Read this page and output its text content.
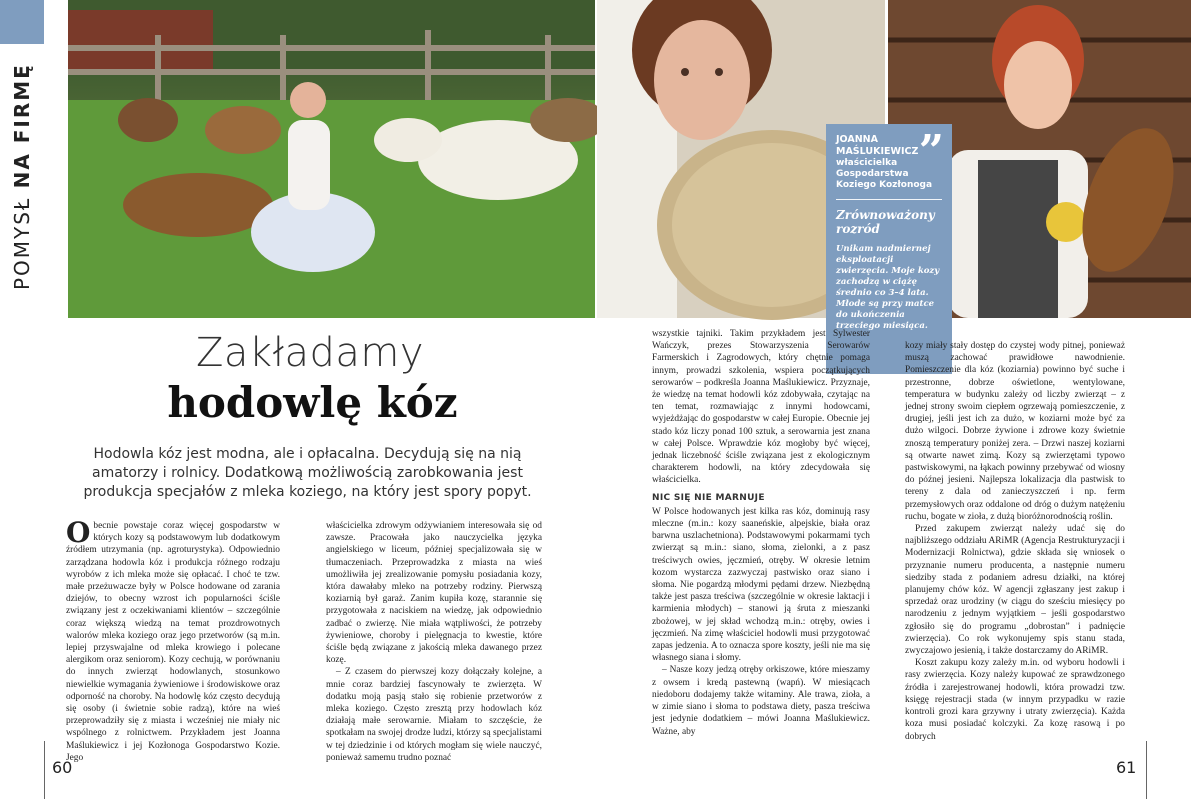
POMYSŁ NA FIRMĘ	”
JOANNA MAŚLUKIEWICZ
właścicielka Gospodarstwa Koziego Kozłonoga
Zrównoważony rozród
Unikam nadmiernej eksploatacji zwierzęcia. Moje kozy zachodzą w ciążę średnio co 3–4 lata. Młode są przy matce do ukończenia trzeciego miesiąca.
Zakładamy
hodowlę kóz
Hodowla kóz jest modna, ale i opłacalna. Decydują się na nią amatorzy i rolnicy. Dodatkową możliwością zarobkowania jest produkcja specjałów z mleka koziego, na który jest spory popyt.

Obecnie powstaje coraz więcej gospodarstw w których kozy są podstawowym lub dodatkowym źródłem utrzymania (np. agroturystyka). Odpowiednio zarządzana hodowla kóz i produkcja różnego rodzaju wyrobów z ich mleka może się opłacać. I choć te tzw. małe przeżuwacze były w Polsce hodowane od zarania dziejów, to obecny wzrost ich popularności ściśle związany jest z oczekiwaniami klientów – szczególnie coraz większą wiedzą na temat prozdrowotnych walorów mleka koziego oraz jego przetworów (są m.in. lepiej przyswajalne od mleka krowiego i polecane alergikom oraz seniorom). Kozy cechują, w porównaniu do innych zwierząt hodowlanych, stosunkowo niewielkie wymagania żywieniowe i środowiskowe oraz odporność na choroby. Na hodowlę kóz często decydują się osoby (i świetnie sobie radzą), które na wieś przeprowadziły się z miasta i wcześniej nie miały nic wspólnego z rolnictwem. Przykładem jest Joanna Maślukiewicz i jej Kozłonoga Gospodarstwo Kozie. Jego

właścicielka zdrowym odżywianiem interesowała się od zawsze. Pracowała jako nauczycielka języka angielskiego w liceum, później specjalizowała się w tłumaczeniach. Przeprowadzka z miasta na wieś umożliwiła jej zrealizowanie pomysłu posiadania kozy, która dawałaby mleko na potrzeby rodziny. Pierwszą koziarnią był garaż. Zanim kupiła kozę, starannie się przygotowała z naciskiem na wiedzę, jak odpowiednio zadbać o zwierzę. Nie miała wątpliwości, że potrzeby żywieniowe, choroby i pielęgnacja to kwestie, które ściśle będą związane z jakością mleka dawanego przez kozę.

– Z czasem do pierwszej kozy dołączały kolejne, a mnie coraz bardziej fascynowały te zwierzęta. W dodatku moją pasją stało się robienie przetworów z mleka koziego. Często zresztą przy hodowlach kóz działają małe serowarnie. Miałam to szczęście, że spotkałam na swojej drodze ludzi, którzy są specjalistami w tej dziedzinie i od których mogłam się wiele nauczyć, ponieważ samemu trudno poznać

wszystkie tajniki. Takim przykładem jest Sylwester Wańczyk, prezes Stowarzyszenia Serowarów Farmerskich i Zagrodowych, który chętnie pomaga innym, prowadzi szkolenia, wspiera początkujących serowarów – podkreśla Joanna Maślukiewicz. Przyznaje, że wiedzę na temat hodowli kóz zdobywała, czytając na ten temat, rozmawiając z innymi hodowcami, wyjeżdżając do gospodarstw w całej Europie. Obecnie jej stado kóz liczy ponad 100 sztuk, a serowarnia jest znana w całej Polsce. Wprawdzie kóz mogłoby być więcej, jednak liczebność ściśle związana jest z ekologicznym charakterem hodowli, na który zdecydowała się właścicielka.

NIC SIĘ NIE MARNUJE

W Polsce hodowanych jest kilka ras kóz, dominują rasy mleczne (m.in.: kozy saaneńskie, alpejskie, biała oraz barwna uszlachetniona). Podstawowymi pokarmami tych zwierząt są m.in.: siano, słoma, zielonki, a z pasz treściwych owies, jęczmień, otręby. W okresie letnim kozom wystarcza zazwyczaj pastwisko oraz siano i słoma. Nie pogardzą młodymi pędami drzew. Niezbędną także jest pasza treściwa (szczególnie w okresie laktacji i karmienia młodych) – stanowi ją śruta z mieszanki zbożowej, w jej skład wchodzą m.in.: otręby, owies i jęczmień. Na zimę właściciel hodowli musi przygotować zapas jedzenia. A to oznacza spore koszty, jeśli nie ma się własnego siana i słomy.

– Nasze kozy jedzą otręby orkiszowe, które mieszamy z owsem i kredą pastewną (wapń). W miesiącach niedoboru dodajemy także witaminy. Ale trawa, zioła, a w zimie siano i słoma to podstawa diety, pasza treściwa jest jedynie dodatkiem – mówi Joanna Maślukiewicz. Ważne, aby

kozy miały stały dostęp do czystej wody pitnej, ponieważ muszą zachować prawidłowe nawodnienie. Pomieszczenie dla kóz (koziarnia) powinno być suche i przestronne, dobrze oświetlone, wentylowane, temperatura w budynku zależy od liczby zwierząt – z jednej strony swoim ciepłem ogrzewają pomieszczenie, z drugiej, jeśli jest ich za dużo, w koziarni może być za dużo wilgoci. Dobrze żywione i zdrowe kozy świetnie znoszą temperatury poniżej zera. – Drzwi naszej koziarni są otwarte nawet zimą. Kozy są zwierzętami typowo pastwiskowymi, na łąkach powinny przebywać od wiosny do późnej jesieni. Najlepsza lokalizacja dla pastwisk to tereny z dala od zanieczyszczeń i np. ferm przemysłowych oraz oddalone od dróg o dużym natężeniu ruchu, bogate w zioła, z dużą bioróżnorodnością roślin.

Przed zakupem zwierząt należy udać się do najbliższego oddziału ARiMR (Agencja Restrukturyzacji i Modernizacji Rolnictwa), gdzie składa się wniosek o przyznanie numeru producenta, a następnie numeru siedziby stada z podaniem adresu działki, na której planujemy chów kóz. W agencji zgłaszany jest zakup i sprzedaż oraz urodziny (w ciągu do sześciu miesięcy po narodzeniu z jednym wyjątkiem – jeśli gospodarstwo zgłosiło się do programu „dobrostan” i padnięcie zwierzęcia). Co rok wykonujemy spis stanu stada, zwyczajowo jesienią, i także dostarczamy do ARiMR.

Koszt zakupu kozy zależy m.in. od wyboru hodowli i rasy zwierzęcia. Kozy należy kupować ze sprawdzonego źródła i zarejestrowanej hodowli, która prowadzi tzw. księgę rejestracji stada (w innym przypadku w razie kontroli grozi kara grzywny i utraty zwierzęcia). Każda koza musi posiadać kolczyki. Za kozę rasową i po dobrych

60	61
